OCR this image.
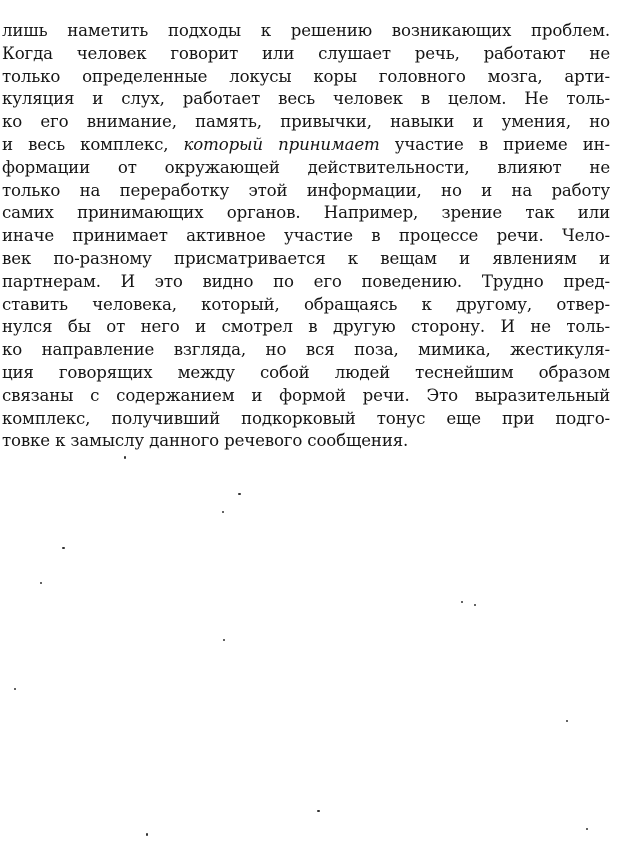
лишь наметить подходы к решению возникающих проблем.
Когда человек говорит или слушает речь, работают не
только определенные локусы коры головного мозга, арти-
куляция и слух, работает весь человек в целом. Не толь-
ко его внимание, память, привычки, навыки и умения, но
и весь комплекс, который принимает участие в приеме ин-
формации от окружающей действительности, влияют не
только на переработку этой информации, но и на работу
самих принимающих органов. Например, зрение так или
иначе принимает активное участие в процессе речи. Чело-
век по-разному присматривается к вещам и явлениям и
партнерам. И это видно по его поведению. Трудно пред-
ставить человека, который, обращаясь к другому, отвер-
нулся бы от него и смотрел в другую сторону. И не толь-
ко направление взгляда, но вся поза, мимика, жестикуля-
ция говорящих между собой людей теснейшим образом
связаны с содержанием и формой речи. Это выразительный
комплекс, получивший подкорковый тонус еще при подго-
товке к замыслу данного речевого сообщения.
